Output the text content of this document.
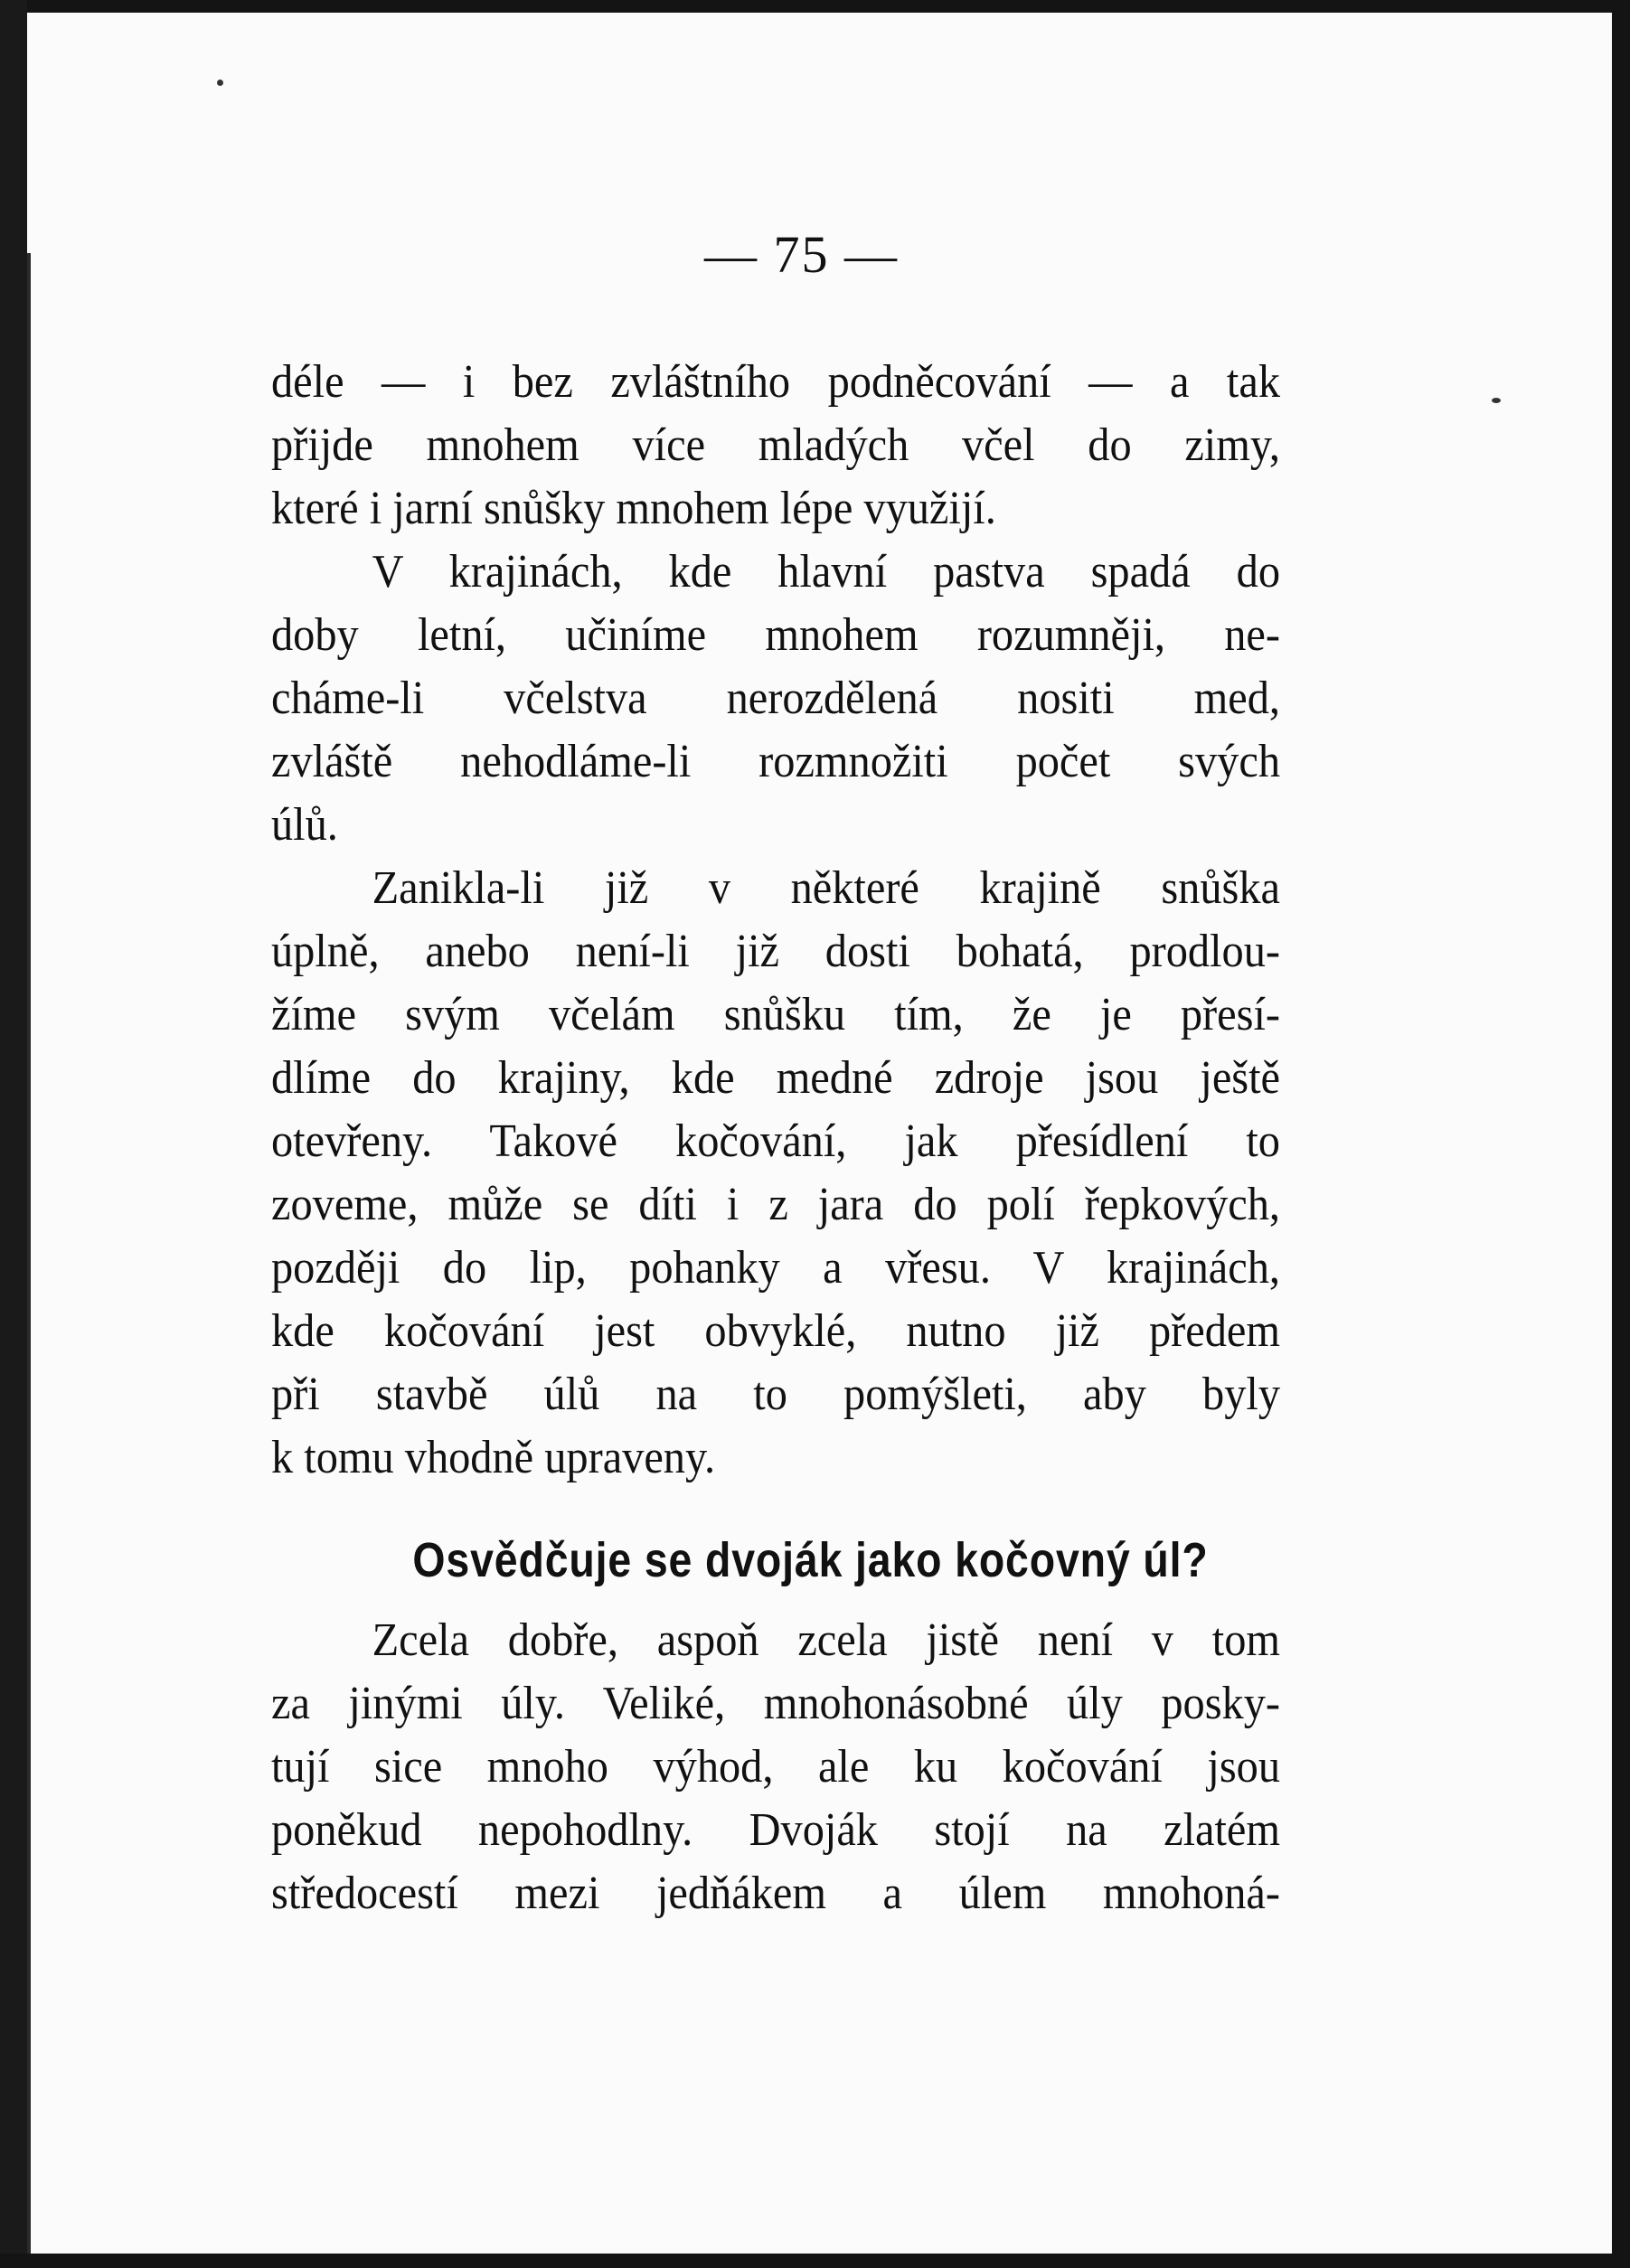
— 75 —

déle — i bez zvláštního podněcování — a tak
přijde mnohem více mladých včel do zimy,
které i jarní snůšky mnohem lépe využijí.

V krajinách, kde hlavní pastva spadá do
doby letní, učiníme mnohem rozumněji, ne-
cháme-li včelstva nerozdělená nositi med,
zvláště nehodláme-li rozmnožiti počet svých
úlů.

Zanikla-li již v některé krajině snůška
úplně, anebo není-li již dosti bohatá, prodlou-
žíme svým včelám snůšku tím, že je přesí-
dlíme do krajiny, kde medné zdroje jsou ještě
otevřeny. Takové kočování, jak přesídlení to
zoveme, může se díti i z jara do polí řepkových,
později do lip, pohanky a vřesu. V krajinách,
kde kočování jest obvyklé, nutno již předem
při stavbě úlů na to pomýšleti, aby byly
k tomu vhodně upraveny.

Osvědčuje se dvoják jako kočovný úl?

Zcela dobře, aspoň zcela jistě není v tom
za jinými úly. Veliké, mnohonásobné úly posky-
tují sice mnoho výhod, ale ku kočování jsou
poněkud nepohodlny. Dvoják stojí na zlatém
středocestí mezi jedňákem a úlem mnohoná-
